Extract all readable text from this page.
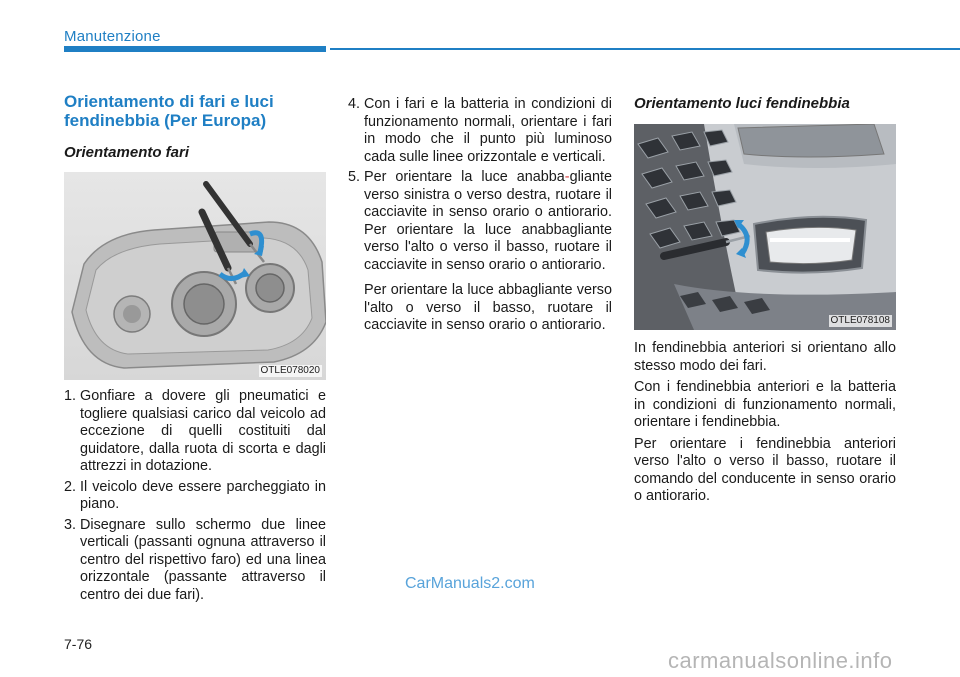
Manutenzione
Orientamento di fari e luci fendinebbia (Per Europa)
Orientamento fari
OTLE078020
1. Gonfiare a dovere gli pneumatici e togliere qualsiasi carico dal veicolo ad eccezione di quelli costituiti dal guidatore, dalla ruota di scorta e dagli attrezzi in dotazione.
2. Il veicolo deve essere parcheggiato in piano.
3. Disegnare sullo schermo due linee verticali (passanti ognuna attraverso il centro del rispettivo faro) ed una linea orizzontale (passante attraverso il centro dei due fari).
4. Con i fari e la batteria in condizioni di funzionamento normali, orientare i fari in modo che il punto più luminoso cada sulle linee orizzontale e verticali.
5. Per orientare la luce anabba-gliante verso sinistra o verso destra, ruotare il cacciavite in senso orario o antiorario. Per orientare la luce anabbagliante verso l'alto o verso il basso, ruotare il cacciavite in senso orario o antiorario.
Per orientare la luce abbagliante verso l'alto o verso il basso, ruotare il cacciavite in senso orario o antiorario.
Orientamento luci fendinebbia
OTLE078108
In fendinebbia anteriori si orientano allo stesso modo dei fari.
Con i fendinebbia anteriori e la batteria in condizioni di funzionamento normali, orientare i fendinebbia.
Per orientare i fendinebbia anteriori verso l'alto o verso il basso, ruotare il comando del conducente in senso orario o antiorario.
CarManuals2.com
7-76
carmanualsonline.info
